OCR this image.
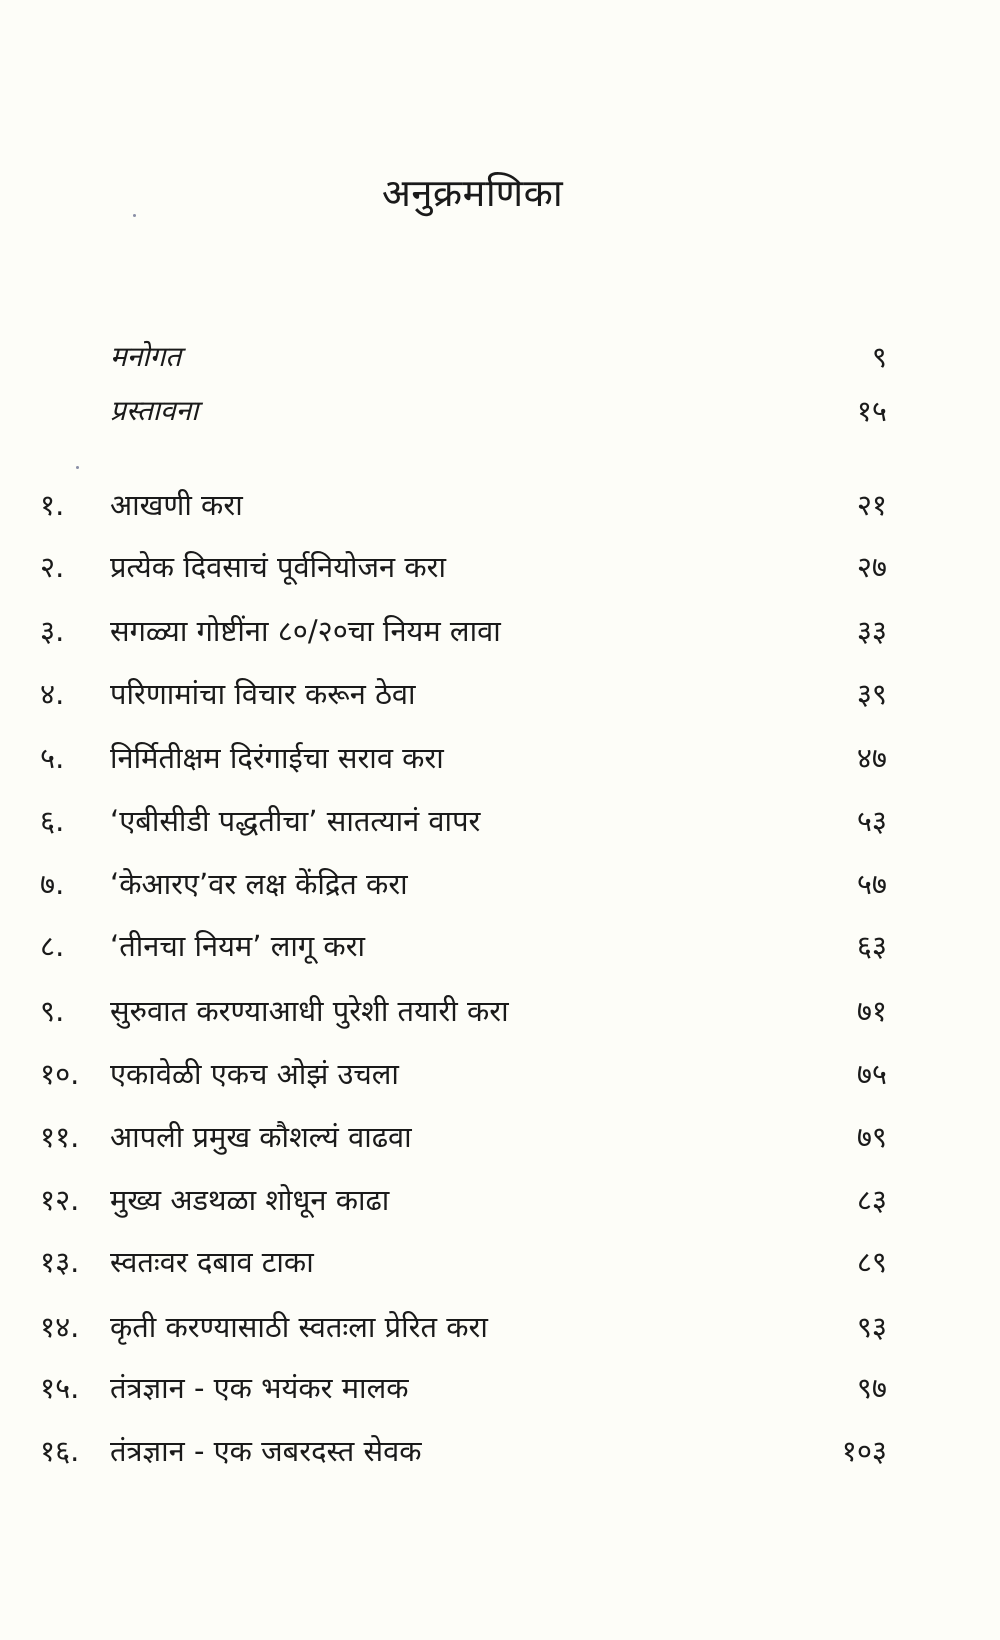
अनुक्रमणिका
मनोगत	९
प्रस्तावना	१५
१.	आखणी करा	२१
२.	प्रत्येक दिवसाचं पूर्वनियोजन करा	२७
३.	सगळ्या गोष्टींना ८०/२०चा नियम लावा	३३
४.	परिणामांचा विचार करून ठेवा	३९
५.	निर्मितीक्षम दिरंगाईचा सराव करा	४७
६.	‘एबीसीडी पद्धतीचा’ सातत्यानं वापर	५३
७.	‘केआरए’वर लक्ष केंद्रित करा	५७
८.	‘तीनचा नियम’ लागू करा	६३
९.	सुरुवात करण्याआधी पुरेशी तयारी करा	७१
१०.	एकावेळी एकच ओझं उचला	७५
११.	आपली प्रमुख कौशल्यं वाढवा	७९
१२.	मुख्य अडथळा शोधून काढा	८३
१३.	स्वतःवर दबाव टाका	८९
१४.	कृती करण्यासाठी स्वतःला प्रेरित करा	९३
१५.	तंत्रज्ञान - एक भयंकर मालक	९७
१६.	तंत्रज्ञान - एक जबरदस्त सेवक	१०३
